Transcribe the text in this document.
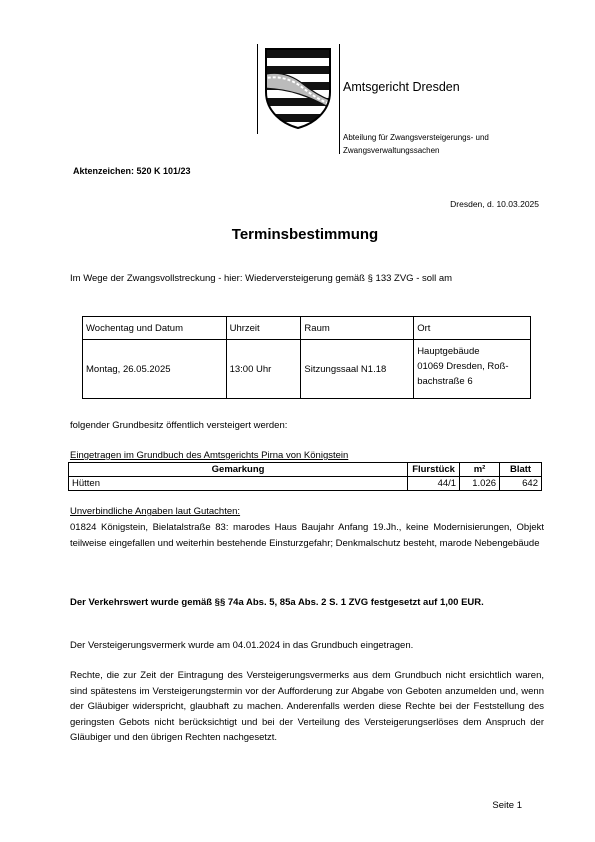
Amtsgericht Dresden
Abteilung für Zwangsversteigerungs- und
Zwangsverwaltungssachen
Aktenzeichen: 520 K 101/23
Dresden, d. 10.03.2025
Terminsbestimmung
Im Wege der Zwangsvollstreckung - hier: Wiederversteigerung gemäß § 133 ZVG - soll am
Wochentag und Datum	Uhrzeit	Raum	Ort
Montag, 26.05.2025	13:00 Uhr	Sitzungssaal N1.18	Hauptgebäude
01069 Dresden, Roß-
bachstraße 6
folgender Grundbesitz öffentlich versteigert werden:
Eingetragen im Grundbuch des Amtsgerichts Pirna von Königstein
Gemarkung	Flurstück	m²	Blatt
Hütten	44/1	1.026	642
Unverbindliche Angaben laut Gutachten:
01824 Königstein, Bielatalstraße 83: marodes Haus Baujahr Anfang 19.Jh., keine Modernisierungen, Objekt teilweise eingefallen und weiterhin bestehende Einsturzgefahr; Denkmalschutz besteht, marode Nebengebäude
Der Verkehrswert wurde gemäß §§ 74a Abs. 5, 85a Abs. 2 S. 1 ZVG festgesetzt auf 1,00 EUR.
Der Versteigerungsvermerk wurde am 04.01.2024 in das Grundbuch eingetragen.
Rechte, die zur Zeit der Eintragung des Versteigerungsvermerks aus dem Grundbuch nicht ersichtlich waren, sind spätestens im Versteigerungstermin vor der Aufforderung zur Abgabe von Geboten anzumelden und, wenn der Gläubiger widerspricht, glaubhaft zu machen. Anderenfalls werden diese Rechte bei der Feststellung des geringsten Gebots nicht berücksichtigt und bei der Verteilung des Versteigerungserlöses dem Anspruch der Gläubiger und den übrigen Rechten nachgesetzt.
Seite 1
